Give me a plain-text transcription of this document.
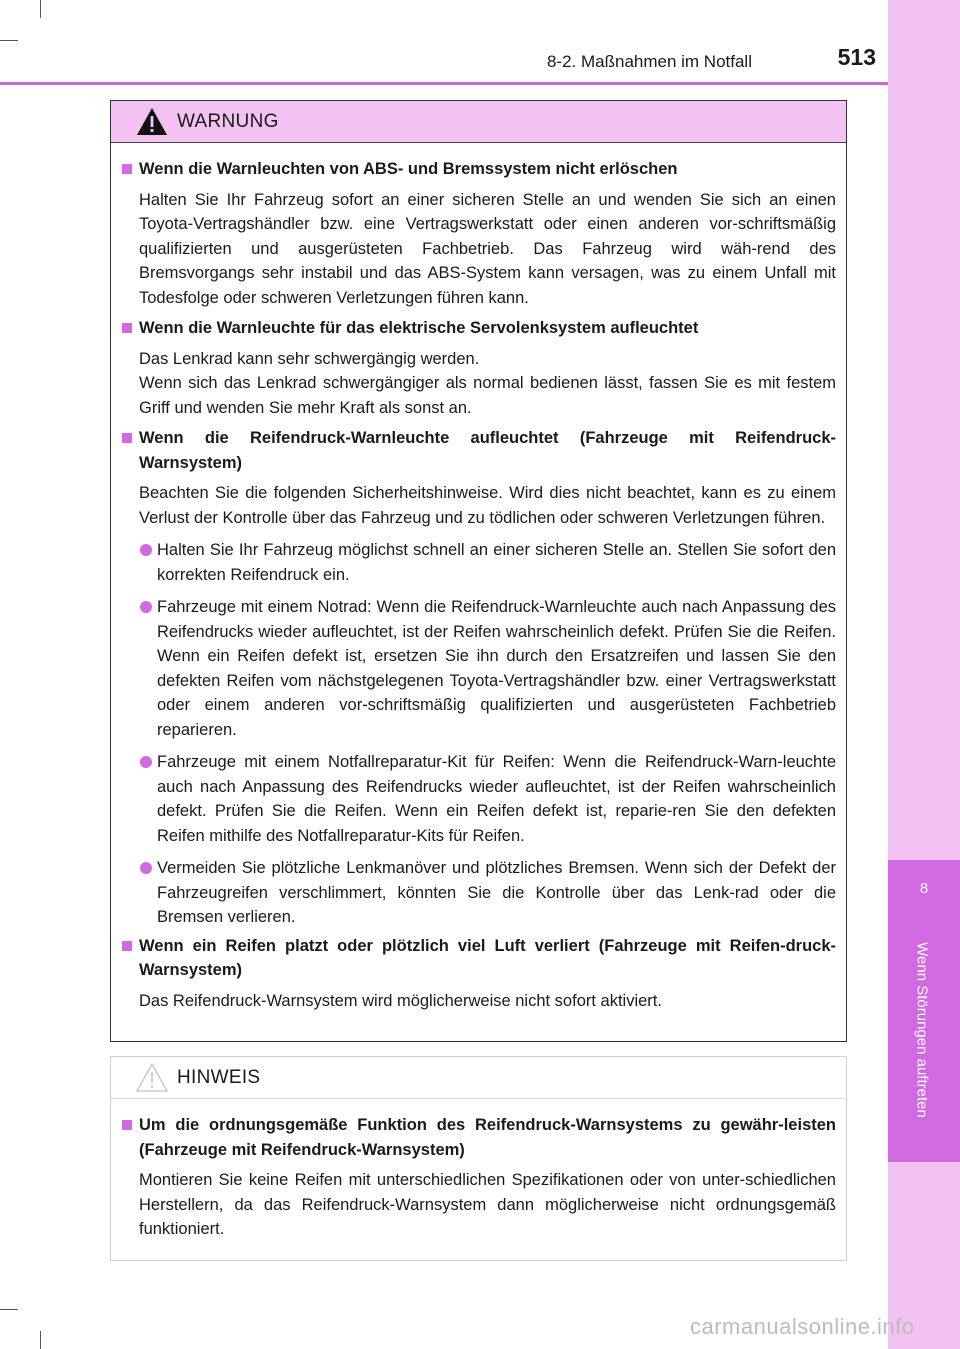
8
Wenn Störungen auftreten
8-2. Maßnahmen im Notfall	513
WARNUNG
Wenn die Warnleuchten von ABS- und Bremssystem nicht erlöschen

Halten Sie Ihr Fahrzeug sofort an einer sicheren Stelle an und wenden Sie sich an einen Toyota-Vertragshändler bzw. eine Vertragswerkstatt oder einen anderen vor-schriftsmäßig qualifizierten und ausgerüsteten Fachbetrieb. Das Fahrzeug wird wäh-rend des Bremsvorgangs sehr instabil und das ABS-System kann versagen, was zu einem Unfall mit Todesfolge oder schweren Verletzungen führen kann.

Wenn die Warnleuchte für das elektrische Servolenksystem aufleuchtet

Das Lenkrad kann sehr schwergängig werden.
Wenn sich das Lenkrad schwergängiger als normal bedienen lässt, fassen Sie es mit festem Griff und wenden Sie mehr Kraft als sonst an.

Wenn die Reifendruck-Warnleuchte aufleuchtet (Fahrzeuge mit Reifendruck-Warnsystem)

Beachten Sie die folgenden Sicherheitshinweise. Wird dies nicht beachtet, kann es zu einem Verlust der Kontrolle über das Fahrzeug und zu tödlichen oder schweren Verletzungen führen.

Halten Sie Ihr Fahrzeug möglichst schnell an einer sicheren Stelle an. Stellen Sie sofort den korrekten Reifendruck ein.
Fahrzeuge mit einem Notrad: Wenn die Reifendruck-Warnleuchte auch nach Anpassung des Reifendrucks wieder aufleuchtet, ist der Reifen wahrscheinlich defekt. Prüfen Sie die Reifen. Wenn ein Reifen defekt ist, ersetzen Sie ihn durch den Ersatzreifen und lassen Sie den defekten Reifen vom nächstgelegenen Toyota-Vertragshändler bzw. einer Vertragswerkstatt oder einem anderen vor-schriftsmäßig qualifizierten und ausgerüsteten Fachbetrieb reparieren.
Fahrzeuge mit einem Notfallreparatur-Kit für Reifen: Wenn die Reifendruck-Warn-leuchte auch nach Anpassung des Reifendrucks wieder aufleuchtet, ist der Reifen wahrscheinlich defekt. Prüfen Sie die Reifen. Wenn ein Reifen defekt ist, reparie-ren Sie den defekten Reifen mithilfe des Notfallreparatur-Kits für Reifen.
Vermeiden Sie plötzliche Lenkmanöver und plötzliches Bremsen. Wenn sich der Defekt der Fahrzeugreifen verschlimmert, könnten Sie die Kontrolle über das Lenk-rad oder die Bremsen verlieren.
Wenn ein Reifen platzt oder plötzlich viel Luft verliert (Fahrzeuge mit Reifen-druck-Warnsystem)

Das Reifendruck-Warnsystem wird möglicherweise nicht sofort aktiviert.

HINWEIS
Um die ordnungsgemäße Funktion des Reifendruck-Warnsystems zu gewähr-leisten (Fahrzeuge mit Reifendruck-Warnsystem)

Montieren Sie keine Reifen mit unterschiedlichen Spezifikationen oder von unter-schiedlichen Herstellern, da das Reifendruck-Warnsystem dann möglicherweise nicht ordnungsgemäß funktioniert.

carmanualsonline.info
